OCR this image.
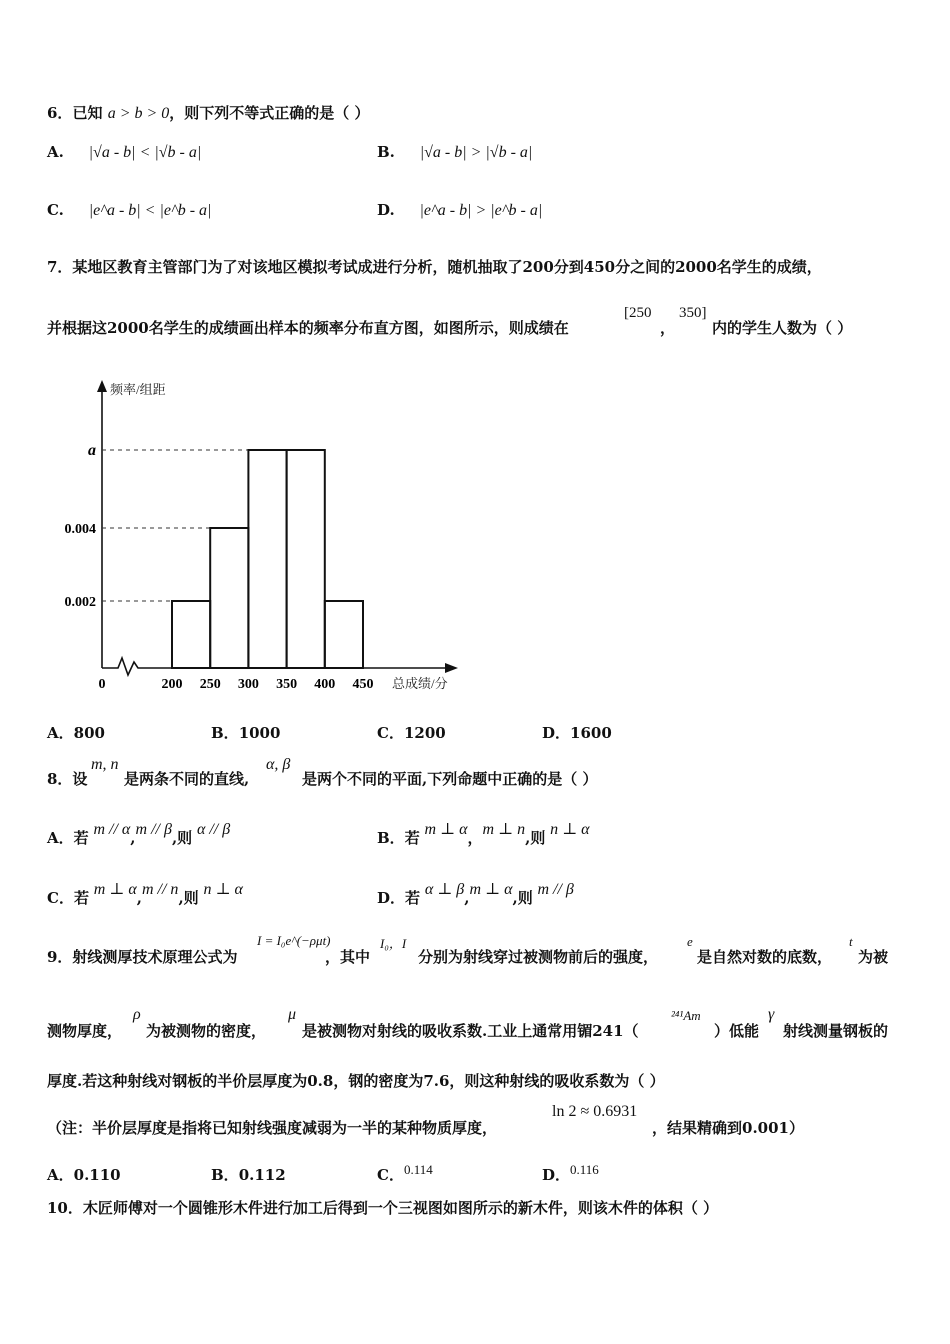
6．已知 a > b > 0，则下列不等式正确的是（ ）
A. |√a - b| < |√b - a|	B. |√a - b| > |√b - a|
C. |e^a - b| < |e^b - a|	D. |e^a - b| > |e^b - a|
7．某地区教育主管部门为了对该地区模拟考试成进行分析，随机抽取了200分到450分之间的2000名学生的成绩，
并根据这2000名学生的成绩画出样本的频率分布直方图，如图所示，则成绩在
[250
，
350]
内的学生人数为（ ）
频率/组距
总成绩/分
0
0.002
0.004
a
200 250 300 350 400 450
A．800	B．1000	C．1200	D．1600
8．设
m, n
是两条不同的直线,
α, β
是两个不同的平面,下列命题中正确的是（ ）
A．若 m // α,m // β,则 α // β	B．若 m ⊥ α，m ⊥ n,则 n ⊥ α
C．若 m ⊥ α,m // n,则 n ⊥ α	D．若 α ⊥ β,m ⊥ α,则 m // β
9．射线测厚技术原理公式为
I = I₀e^(−ρμt)
，其中
I₀，I
分别为射线穿过被测物前后的强度，
e
是自然对数的底数，
t
为被
测物厚度，
ρ
为被测物的密度，
μ
是被测物对射线的吸收系数.工业上通常用镅241（
²⁴¹Am
）低能
γ
射线测量钢板的
厚度.若这种射线对钢板的半价层厚度为0.8，钢的密度为7.6，则这种射线的吸收系数为（ ）
（注：半价层厚度是指将已知射线强度减弱为一半的某种物质厚度，
ln 2 ≈ 0.6931
，结果精确到0.001）
A．0.110	B．0.112	C．0.114	D．0.116
10．木匠师傅对一个圆锥形木件进行加工后得到一个三视图如图所示的新木件，则该木件的体积（ ）
